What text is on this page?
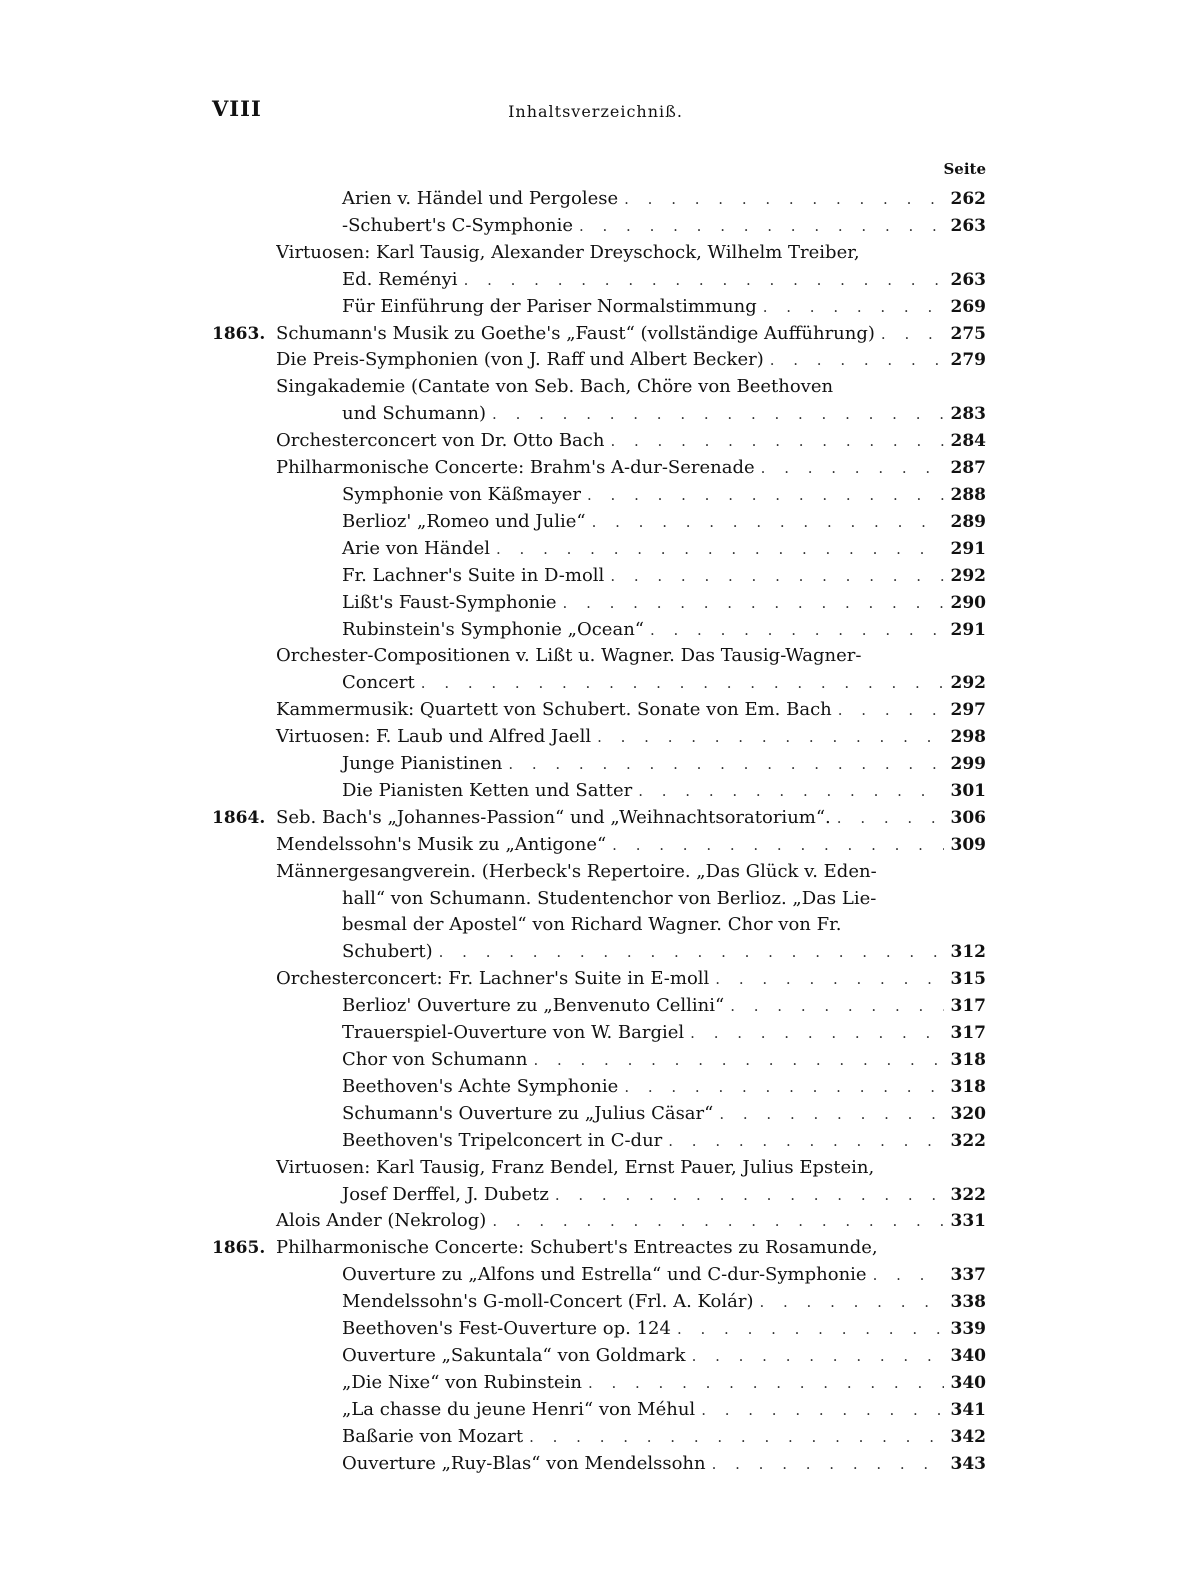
VIII	Inhaltsverzeichniß.
Seite
Arien v. Händel und Pergolese . . .	262
-Schubert's C-Symphonie . . .	263
Virtuosen: Karl Tausig, Alexander Dreyschock, Wilhelm Treiber,
Ed. Reményi . . .	263
Für Einführung der Pariser Normalstimmung . . .	269
1863. Schumann's Musik zu Goethe's „Faust“ (vollständige Aufführung) . . .	275
Die Preis-Symphonien (von J. Raff und Albert Becker) . . .	279
Singakademie (Cantate von Seb. Bach, Chöre von Beethoven
und Schumann) . . .	283
Orchesterconcert von Dr. Otto Bach . . .	284
Philharmonische Concerte: Brahm's A-dur-Serenade . . .	287
Symphonie von Käßmayer . . .	288
Berlioz' „Romeo und Julie“ . . .	289
Arie von Händel . . .	291
Fr. Lachner's Suite in D-moll . . .	292
Lißt's Faust-Symphonie . . .	290
Rubinstein's Symphonie „Ocean“ . . .	291
Orchester-Compositionen v. Lißt u. Wagner. Das Tausig-Wagner-
Concert . . .	292
Kammermusik: Quartett von Schubert. Sonate von Em. Bach . . .	297
Virtuosen: F. Laub und Alfred Jaell . . .	298
Junge Pianistinen . . .	299
Die Pianisten Ketten und Satter . . .	301
1864. Seb. Bach's „Johannes-Passion“ und „Weihnachtsoratorium“. . . .	306
Mendelssohn's Musik zu „Antigone“ . . .	309
Männergesangverein. (Herbeck's Repertoire. „Das Glück v. Eden-
hall“ von Schumann. Studentenchor von Berlioz. „Das Lie-
besmal der Apostel“ von Richard Wagner. Chor von Fr.
Schubert) . . .	312
Orchesterconcert: Fr. Lachner's Suite in E-moll . . .	315
Berlioz' Ouverture zu „Benvenuto Cellini“ . . .	317
Trauerspiel-Ouverture von W. Bargiel . . .	317
Chor von Schumann . . .	318
Beethoven's Achte Symphonie . . .	318
Schumann's Ouverture zu „Julius Cäsar“ . . .	320
Beethoven's Tripelconcert in C-dur . . .	322
Virtuosen: Karl Tausig, Franz Bendel, Ernst Pauer, Julius Epstein,
Josef Derffel, J. Dubetz . . .	322
Alois Ander (Nekrolog) . . .	331
1865. Philharmonische Concerte: Schubert's Entreactes zu Rosamunde,
Ouverture zu „Alfons und Estrella“ und C-dur-Symphonie . . .	337
Mendelssohn's G-moll-Concert (Frl. A. Kolár) . . .	338
Beethoven's Fest-Ouverture op. 124 . . .	339
Ouverture „Sakuntala“ von Goldmark . . .	340
„Die Nixe“ von Rubinstein . . .	340
„La chasse du jeune Henri“ von Méhul . . .	341
Baßarie von Mozart . . .	342
Ouverture „Ruy-Blas“ von Mendelssohn . . .	343
